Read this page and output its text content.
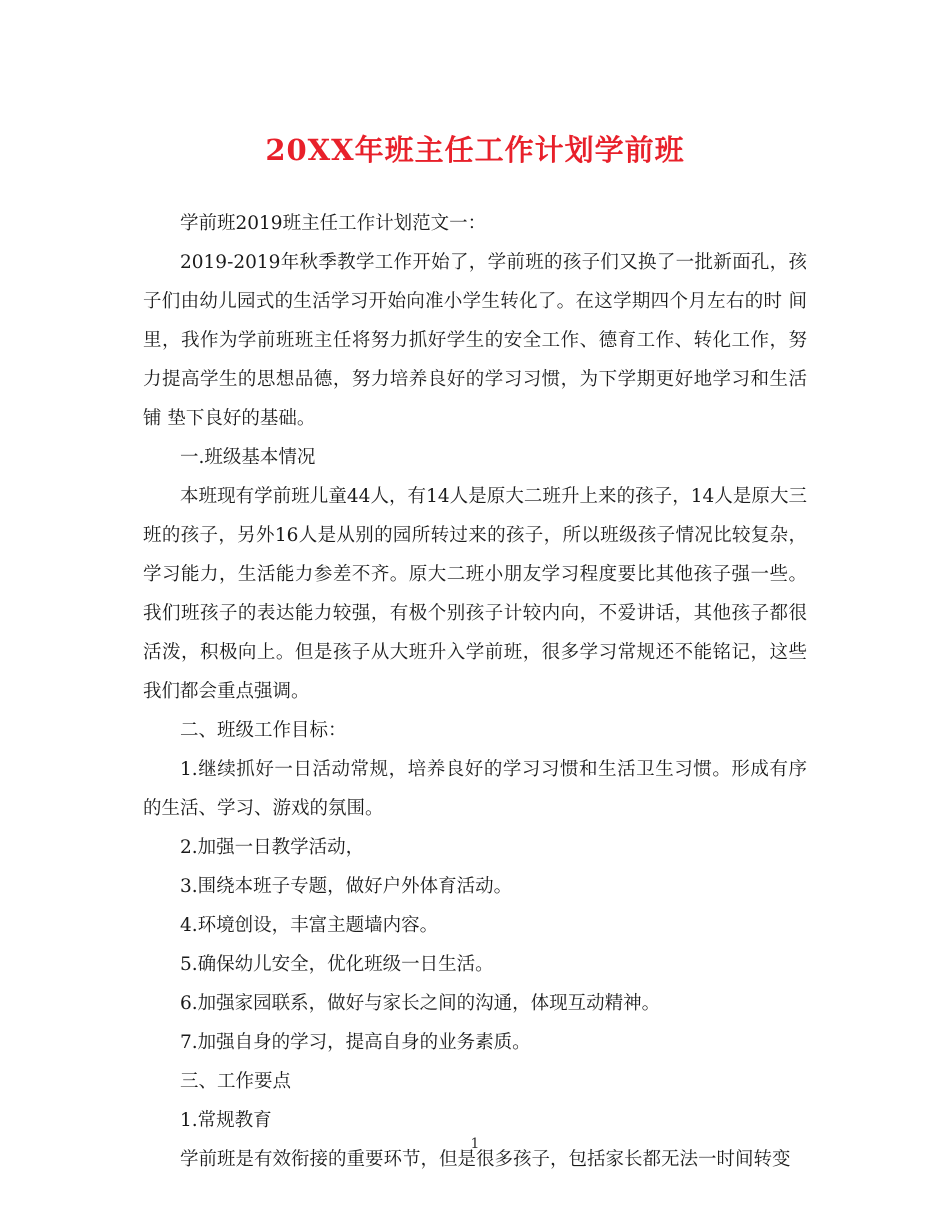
20XX年班主任工作计划学前班

学前班2019班主任工作计划范文一：

2019-2019年秋季教学工作开始了，学前班的孩子们又换了一批新面孔，孩子们由幼儿园式的生活学习开始向准小学生转化了。在这学期四个月左右的时 间里，我作为学前班班主任将努力抓好学生的安全工作、德育工作、转化工作，努力提高学生的思想品德，努力培养良好的学习习惯，为下学期更好地学习和生活铺 垫下良好的基础。

一.班级基本情况

本班现有学前班儿童44人，有14人是原大二班升上来的孩子，14人是原大三班的孩子，另外16人是从别的园所转过来的孩子，所以班级孩子情况比较复杂，学习能力，生活能力参差不齐。原大二班小朋友学习程度要比其他孩子强一些。我们班孩子的表达能力较强，有极个别孩子计较内向，不爱讲话，其他孩子都很活泼，积极向上。但是孩子从大班升入学前班，很多学习常规还不能铭记，这些我们都会重点强调。

二、班级工作目标：

1.继续抓好一日活动常规，培养良好的学习习惯和生活卫生习惯。形成有序的生活、学习、游戏的氛围。

2.加强一日教学活动，

3.围绕本班子专题，做好户外体育活动。

4.环境创设，丰富主题墙内容。

5.确保幼儿安全，优化班级一日生活。

6.加强家园联系，做好与家长之间的沟通，体现互动精神。

7.加强自身的学习，提高自身的业务素质。

三、工作要点

1.常规教育

学前班是有效衔接的重要环节，但是很多孩子，包括家长都无法一时间转变

1
